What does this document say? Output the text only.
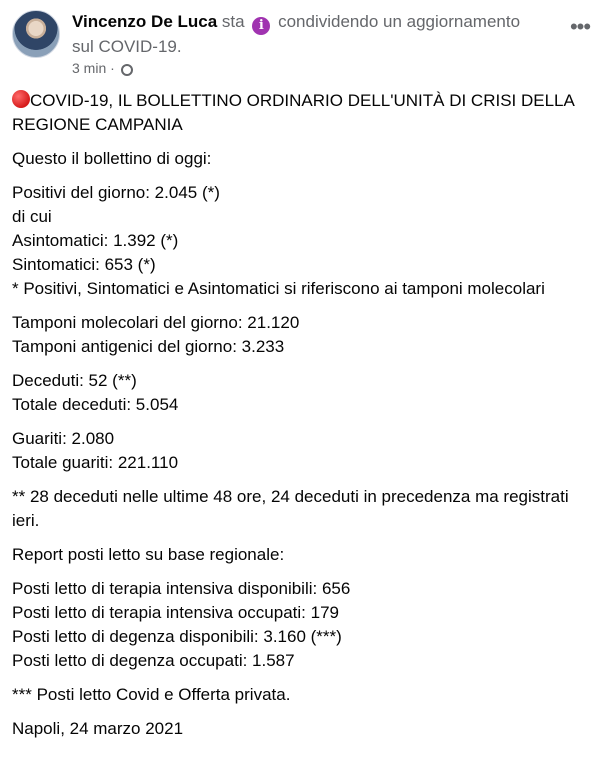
Vincenzo De Luca sta i condividendo un aggiornamento sul COVID-19.
3 min ·
•••

COVID-19, IL BOLLETTINO ORDINARIO DELL'UNITÀ DI CRISI DELLA REGIONE CAMPANIA

Questo il bollettino di oggi:

Positivi del giorno: 2.045 (*)
di cui
Asintomatici: 1.392 (*)
Sintomatici: 653 (*)
* Positivi, Sintomatici e Asintomatici si riferiscono ai tamponi molecolari

Tamponi molecolari del giorno: 21.120
Tamponi antigenici del giorno: 3.233

Deceduti: 52 (**)
Totale deceduti: 5.054

Guariti: 2.080
Totale guariti: 221.110

** 28 deceduti nelle ultime 48 ore, 24 deceduti in precedenza ma registrati ieri.

Report posti letto su base regionale:

Posti letto di terapia intensiva disponibili: 656
Posti letto di terapia intensiva occupati: 179
Posti letto di degenza disponibili: 3.160 (***)
Posti letto di degenza occupati: 1.587

*** Posti letto Covid e Offerta privata.

Napoli, 24 marzo 2021
